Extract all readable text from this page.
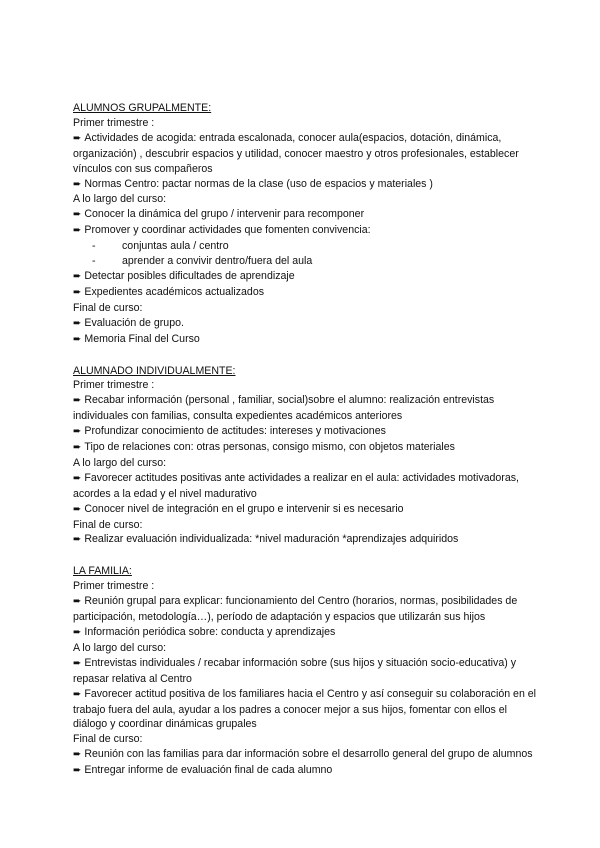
ALUMNOS GRUPALMENTE:
Primer trimestre :
➨ Actividades de acogida: entrada escalonada, conocer aula(espacios, dotación, dinámica, organización) , descubrir espacios y utilidad, conocer maestro y otros profesionales, establecer vínculos con sus compañeros
➨ Normas Centro: pactar normas de la clase (uso de espacios y materiales )
A lo largo del curso:
➨ Conocer la dinámica del grupo / intervenir para recomponer
➨ Promover y coordinar actividades que fomenten convivencia:
- conjuntas aula / centro
- aprender a convivir dentro/fuera del aula
➨ Detectar posibles dificultades de aprendizaje
➨ Expedientes académicos actualizados
Final de curso:
➨ Evaluación de grupo.
➨ Memoria Final del Curso
ALUMNADO INDIVIDUALMENTE:
Primer trimestre :
➨ Recabar información (personal , familiar, social)sobre el alumno: realización entrevistas individuales con familias, consulta expedientes académicos anteriores
➨ Profundizar conocimiento de actitudes: intereses y motivaciones
➨ Tipo de relaciones con: otras personas, consigo mismo, con objetos materiales
A lo largo del curso:
➨ Favorecer actitudes positivas ante actividades a realizar en el aula: actividades motivadoras, acordes a la edad y el nivel madurativo
➨ Conocer nivel de integración en el grupo e intervenir si es necesario
Final de curso:
➨ Realizar evaluación individualizada: *nivel maduración *aprendizajes adquiridos
LA FAMILIA:
Primer trimestre :
➨ Reunión grupal para explicar: funcionamiento del Centro (horarios, normas, posibilidades de participación, metodología…), período de adaptación y espacios que utilizarán sus hijos
➨ Información periódica sobre: conducta y aprendizajes
A lo largo del curso:
➨ Entrevistas individuales / recabar información sobre (sus hijos y situación socio-educativa) y repasar relativa al Centro
➨ Favorecer actitud positiva de los familiares hacia el Centro y así conseguir su colaboración en el trabajo fuera del aula, ayudar a los padres a conocer mejor a sus hijos, fomentar con ellos el diálogo y coordinar dinámicas grupales
Final de curso:
➨ Reunión con las familias para dar información sobre el desarrollo general del grupo de alumnos
➨ Entregar informe de evaluación final de cada alumno
